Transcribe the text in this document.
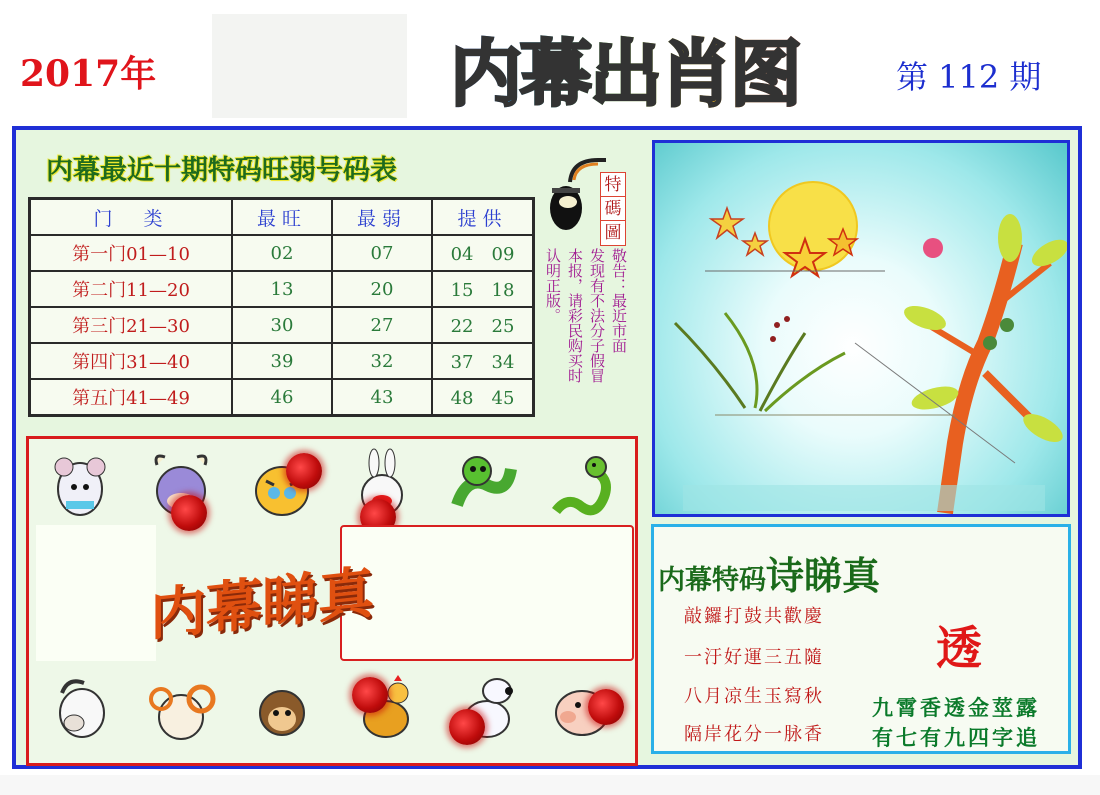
2017年	内幕出肖图	第 112 期
内幕最近十期特码旺弱号码表
门　类	最旺	最弱	提供
第一门01—10	02	07	04　09
第二门11—20	13	20	15　18
第三门21—30	30	27	22　25
第四门31—40	39	32	37　34
第五门41—49	46	43	48　45
特
碼
圖
敬告：最近市面
发现有不法分子假冒
本报，请彩民购买时
认明正版。
内幕睇真	内幕特码诗睇真
敲鑼打鼓共歡慶
一汙好運三五隨
八月凉生玉寫秋
隔岸花分一脉香
透
九霄香透金莖露
有七有九四字追
